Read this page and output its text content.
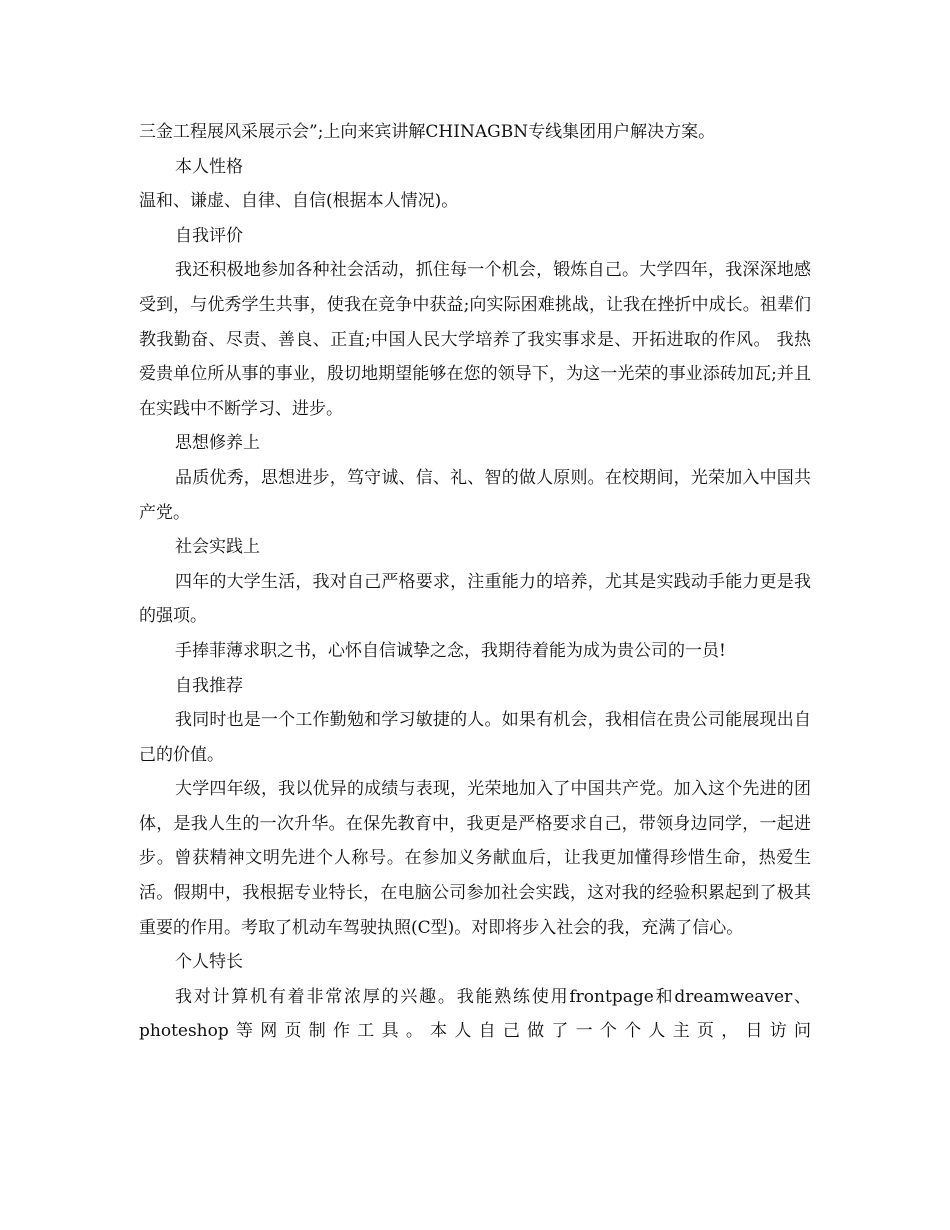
三金工程展风采展示会”;上向来宾讲解CHINAGBN专线集团用户解决方案。

本人性格

温和、谦虚、自律、自信(根据本人情况)。

自我评价

我还积极地参加各种社会活动，抓住每一个机会，锻炼自己。大学四年，我深深地感受到，与优秀学生共事，使我在竞争中获益;向实际困难挑战，让我在挫折中成长。祖辈们教我勤奋、尽责、善良、正直;中国人民大学培养了我实事求是、开拓进取的作风。 我热爱贵单位所从事的事业，殷切地期望能够在您的领导下，为这一光荣的事业添砖加瓦;并且在实践中不断学习、进步。

思想修养上

品质优秀，思想进步，笃守诚、信、礼、智的做人原则。在校期间，光荣加入中国共产党。

社会实践上

四年的大学生活，我对自己严格要求，注重能力的培养，尤其是实践动手能力更是我的强项。

手捧菲薄求职之书，心怀自信诚挚之念，我期待着能为成为贵公司的一员!

自我推荐

我同时也是一个工作勤勉和学习敏捷的人。如果有机会，我相信在贵公司能展现出自己的价值。

大学四年级，我以优异的成绩与表现，光荣地加入了中国共产党。加入这个先进的团体，是我人生的一次升华。在保先教育中，我更是严格要求自己，带领身边同学，一起进步。曾获精神文明先进个人称号。在参加义务献血后，让我更加懂得珍惜生命，热爱生活。假期中，我根据专业特长，在电脑公司参加社会实践，这对我的经验积累起到了极其重要的作用。考取了机动车驾驶执照(C型)。对即将步入社会的我，充满了信心。

个人特长

我对计算机有着非常浓厚的兴趣。我能熟练使用frontpage和dreamweaver、photeshop等网页制作工具。本人自己做了一个个人主页，日访问
